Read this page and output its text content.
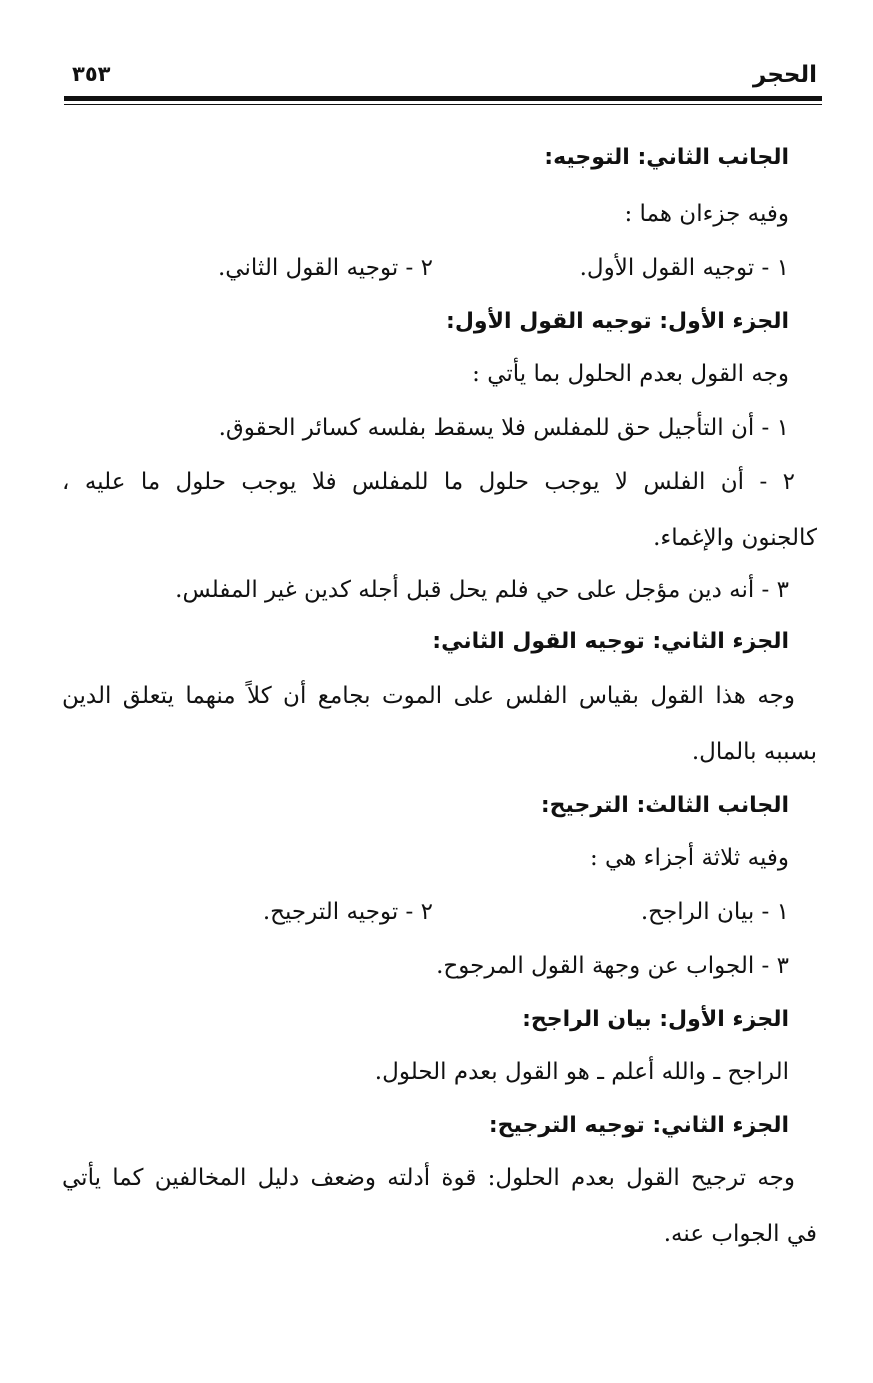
الحجر
٣٥٣
الجانب الثاني: التوجيه:
وفيه جزءان هما :
١ - توجيه القول الأول.
٢ - توجيه القول الثاني.
الجزء الأول: توجيه القول الأول:
وجه القول بعدم الحلول بما يأتي :
١ - أن التأجيل حق للمفلس فلا يسقط بفلسه كسائر الحقوق.
٢ - أن الفلس لا يوجب حلول ما للمفلس فلا يوجب حلول ما عليه ،
كالجنون والإغماء.
٣ - أنه دين مؤجل على حي فلم يحل قبل أجله كدين غير المفلس.
الجزء الثاني: توجيه القول الثاني:
وجه هذا القول بقياس الفلس على الموت بجامع أن كلاً منهما يتعلق الدين
بسببه بالمال.
الجانب الثالث: الترجيح:
وفيه ثلاثة أجزاء هي :
١ - بيان الراجح.
٢ - توجيه الترجيح.
٣ - الجواب عن وجهة القول المرجوح.
الجزء الأول: بيان الراجح:
الراجح ـ والله أعلم ـ هو القول بعدم الحلول.
الجزء الثاني: توجيه الترجيح:
وجه ترجيح القول بعدم الحلول: قوة أدلته وضعف دليل المخالفين كما يأتي
في الجواب عنه.
